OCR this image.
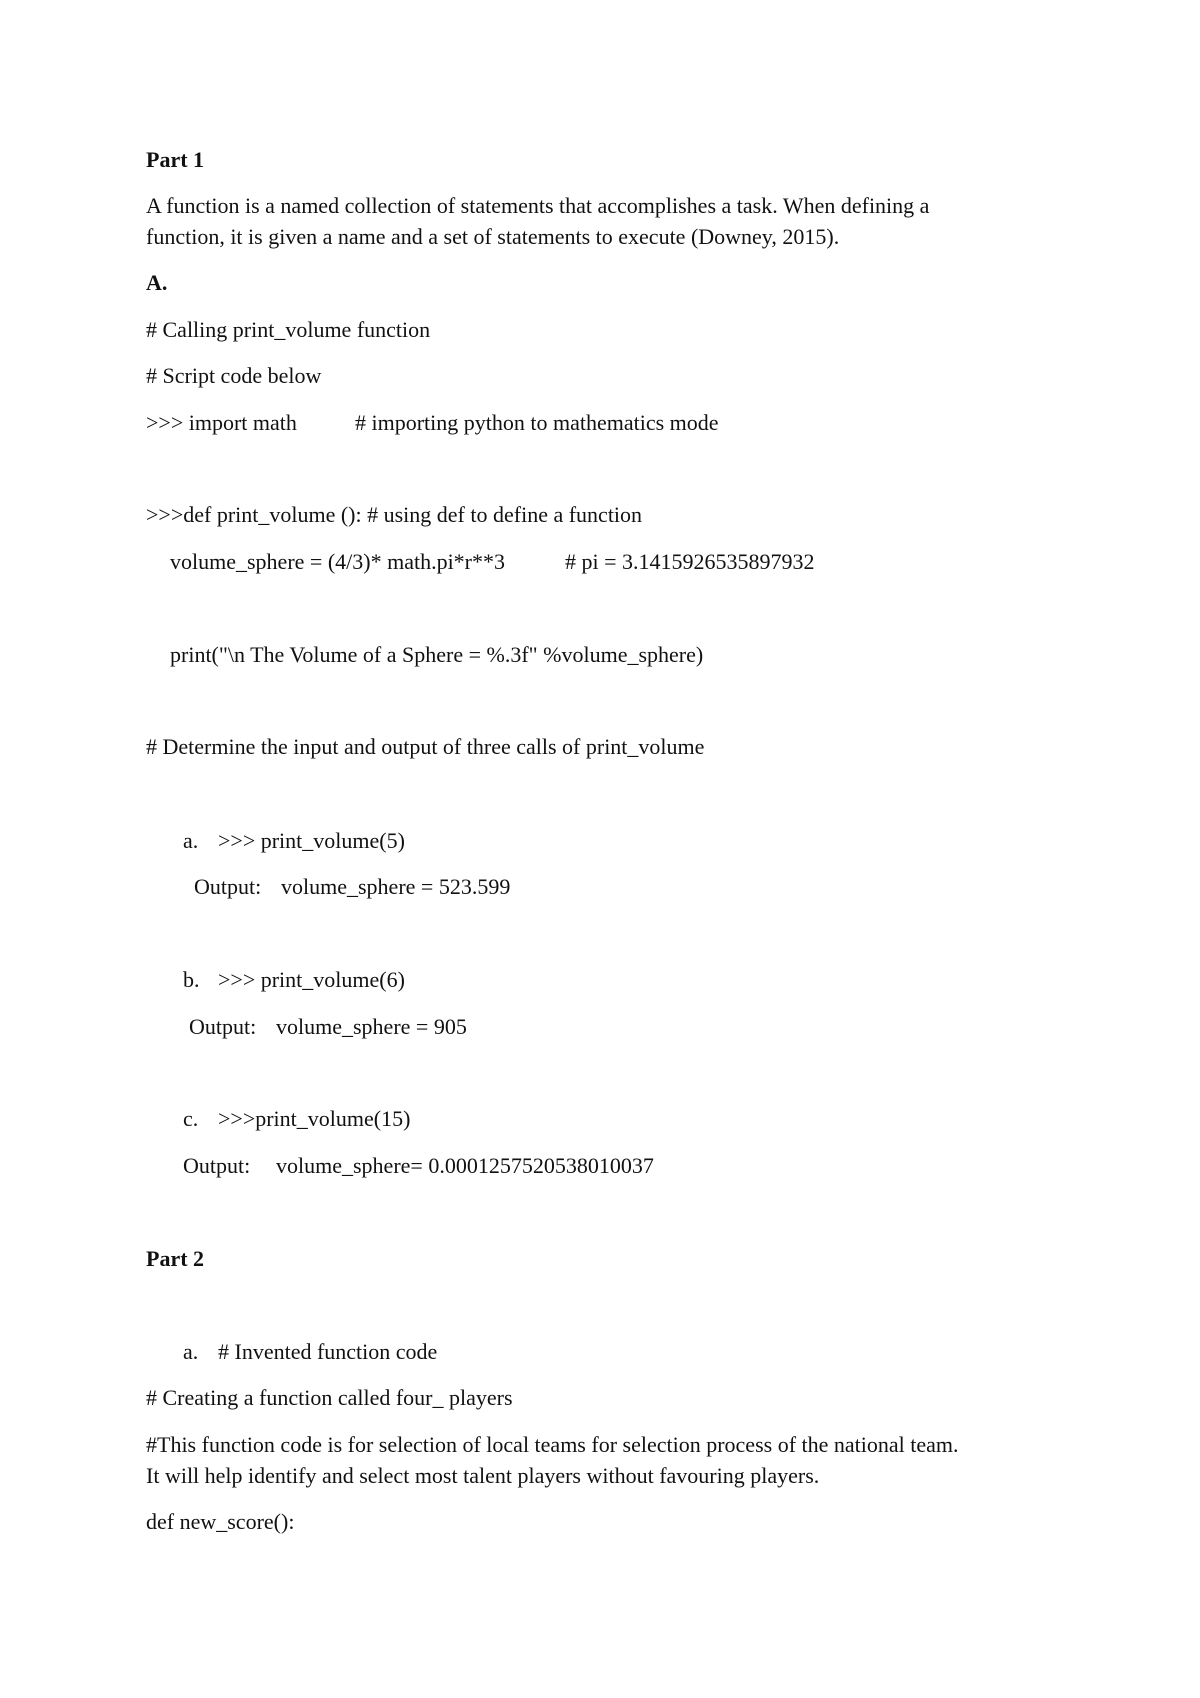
Part 1
A function is a named collection of statements that accomplishes a task. When defining a
function, it is given a name and a set of statements to execute (Downey, 2015).
A.
# Calling print_volume function
# Script code below
>>> import math	# importing python to mathematics mode
>>>def print_volume (): # using def to define a function
volume_sphere = (4/3)* math.pi*r**3	# pi = 3.1415926535897932
print("\n The Volume of a Sphere = %.3f" %volume_sphere)
# Determine the input and output of three calls of print_volume
a. >>> print_volume(5)
Output: volume_sphere = 523.599
b. >>> print_volume(6)
Output: volume_sphere = 905
c. >>>print_volume(15)
Output: volume_sphere= 0.0001257520538010037
Part 2
a. # Invented function code
# Creating a function called four_ players
#This function code is for selection of local teams for selection process of the national team.
It will help identify and select most talent players without favouring players.
def new_score():
